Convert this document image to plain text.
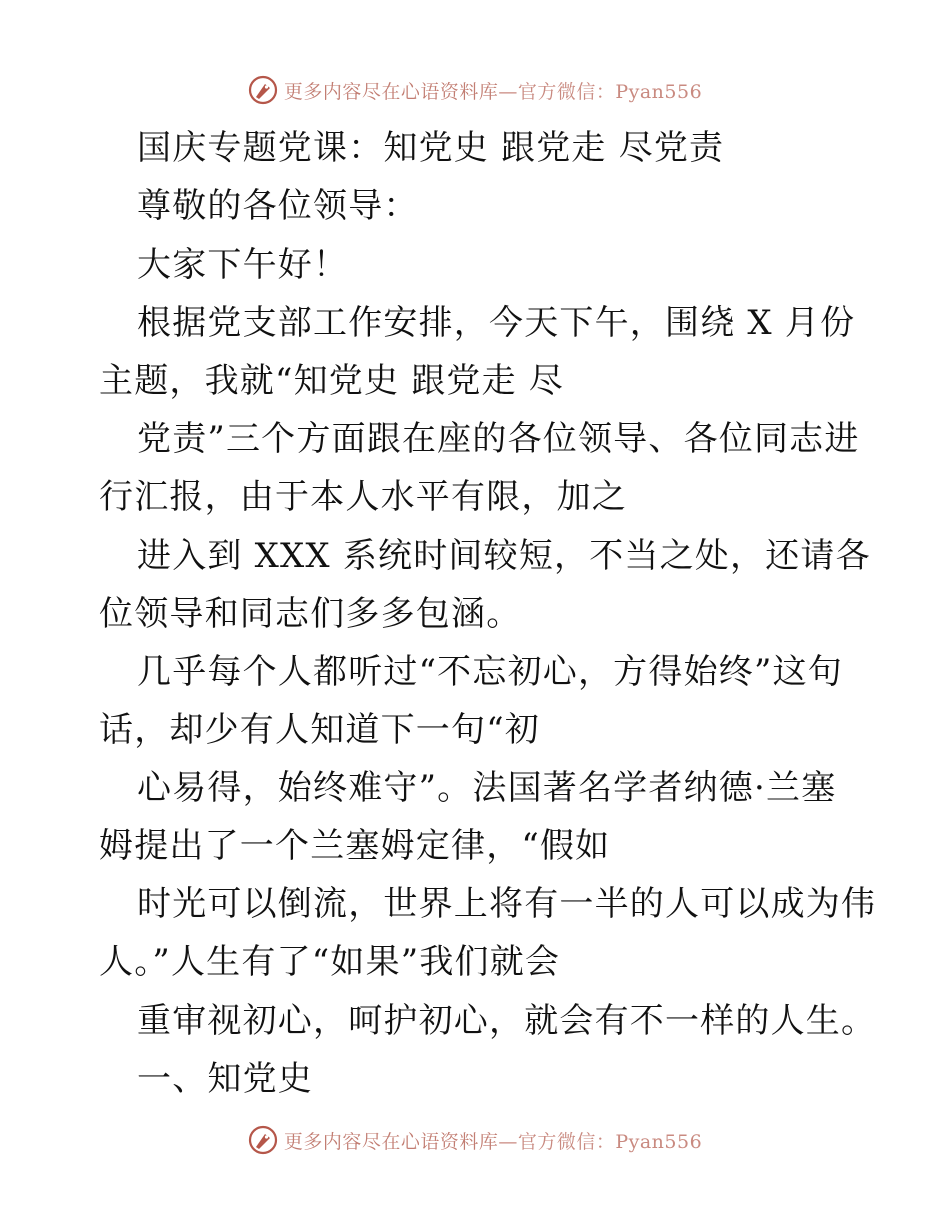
更多内容尽在心语资料库—官方微信：Pyan556
国庆专题党课：知党史 跟党走 尽党责
尊敬的各位领导：
大家下午好！
根据党支部工作安排，今天下午，围绕 X 月份
主题，我就“知党史 跟党走 尽
党责”三个方面跟在座的各位领导、各位同志进
行汇报，由于本人水平有限，加之
进入到 XXX 系统时间较短，不当之处，还请各
位领导和同志们多多包涵。
几乎每个人都听过“不忘初心，方得始终”这句
话，却少有人知道下一句“初
心易得，始终难守”。法国著名学者纳德·兰塞
姆提出了一个兰塞姆定律，“假如
时光可以倒流，世界上将有一半的人可以成为伟
人。”人生有了“如果”我们就会
重审视初心，呵护初心，就会有不一样的人生。
一、知党史
更多内容尽在心语资料库—官方微信：Pyan556
